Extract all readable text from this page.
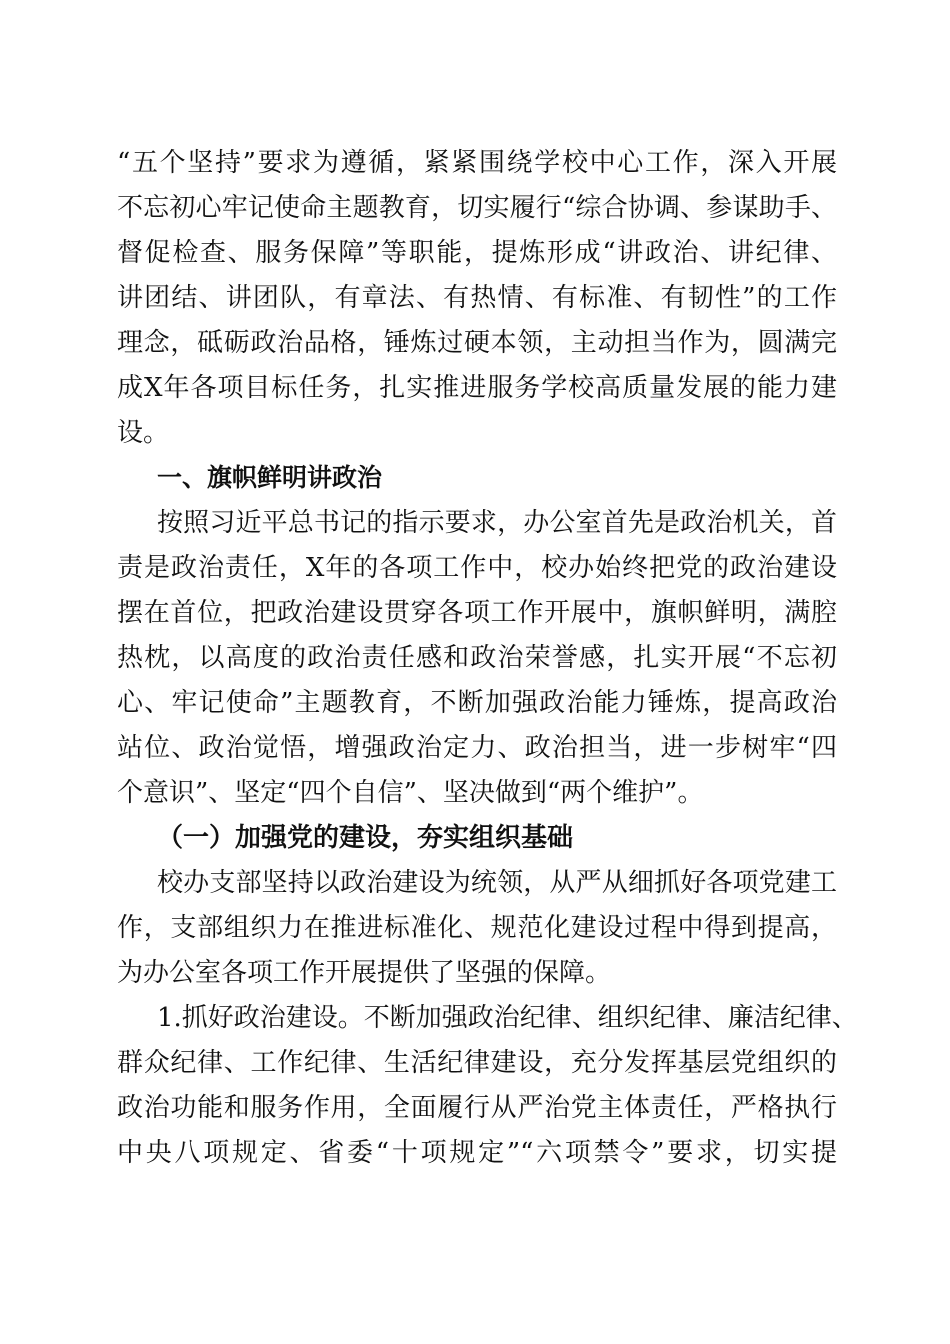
“五个坚持”要求为遵循，紧紧围绕学校中心工作，深入开展
不忘初心牢记使命主题教育，切实履行“综合协调、参谋助手、
督促检查、服务保障”等职能，提炼形成“讲政治、讲纪律、
讲团结、讲团队，有章法、有热情、有标准、有韧性”的工作
理念，砥砺政治品格，锤炼过硬本领，主动担当作为，圆满完
成X年各项目标任务，扎实推进服务学校高质量发展的能力建
设。
一、旗帜鲜明讲政治
按照习近平总书记的指示要求，办公室首先是政治机关，首
责是政治责任，X年的各项工作中，校办始终把党的政治建设
摆在首位，把政治建设贯穿各项工作开展中，旗帜鲜明，满腔
热枕，以高度的政治责任感和政治荣誉感，扎实开展“不忘初
心、牢记使命”主题教育，不断加强政治能力锤炼，提高政治
站位、政治觉悟，增强政治定力、政治担当，进一步树牢“四
个意识”、坚定“四个自信”、坚决做到“两个维护”。
（一）加强党的建设，夯实组织基础
校办支部坚持以政治建设为统领，从严从细抓好各项党建工
作，支部组织力在推进标准化、规范化建设过程中得到提高，
为办公室各项工作开展提供了坚强的保障。
1.抓好政治建设。不断加强政治纪律、组织纪律、廉洁纪律、
群众纪律、工作纪律、生活纪律建设，充分发挥基层党组织的
政治功能和服务作用，全面履行从严治党主体责任，严格执行
中央八项规定、省委“十项规定”“六项禁令”要求，切实提
